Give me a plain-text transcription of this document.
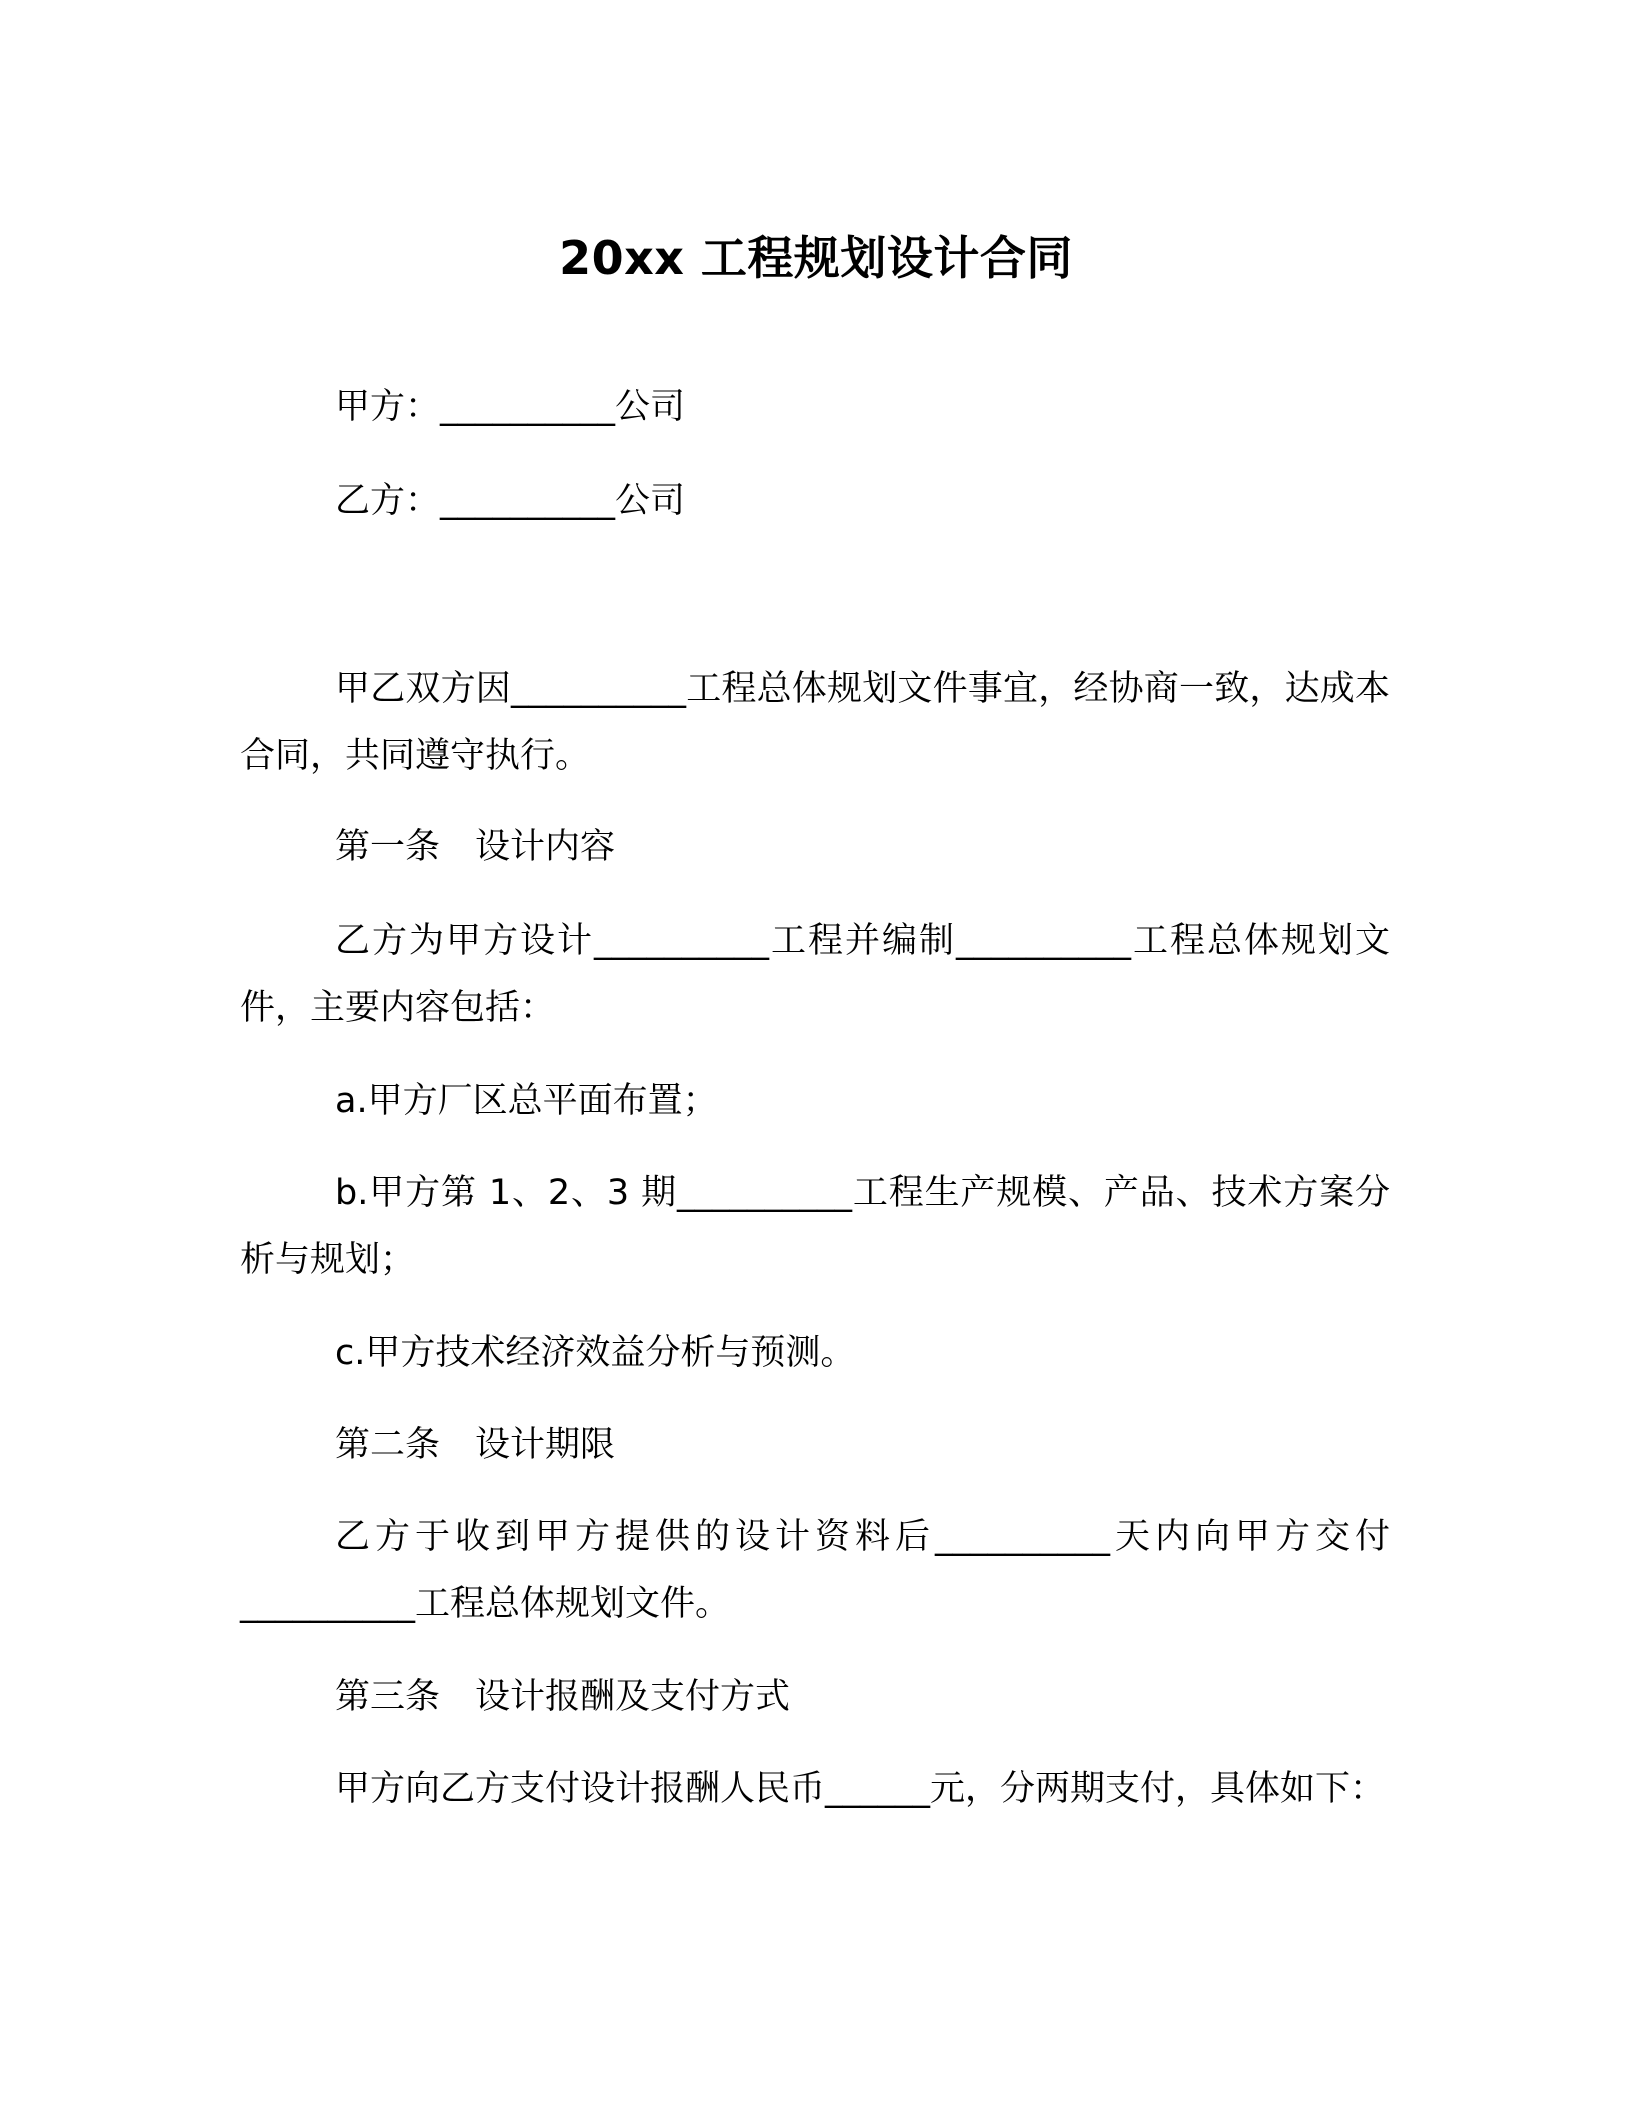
20xx 工程规划设计合同
甲方：__________公司
乙方：__________公司
甲乙双方因__________工程总体规划文件事宜，经协商一致，达成本合同，共同遵守执行。
第一条　设计内容
乙方为甲方设计__________工程并编制__________工程总体规划文件，主要内容包括：
a.甲方厂区总平面布置；
b.甲方第 1、2、3 期__________工程生产规模、产品、技术方案分析与规划；
c.甲方技术经济效益分析与预测。
第二条　设计期限
乙方于收到甲方提供的设计资料后__________天内向甲方交付__________工程总体规划文件。
第三条　设计报酬及支付方式
甲方向乙方支付设计报酬人民币______元，分两期支付，具体如下：
